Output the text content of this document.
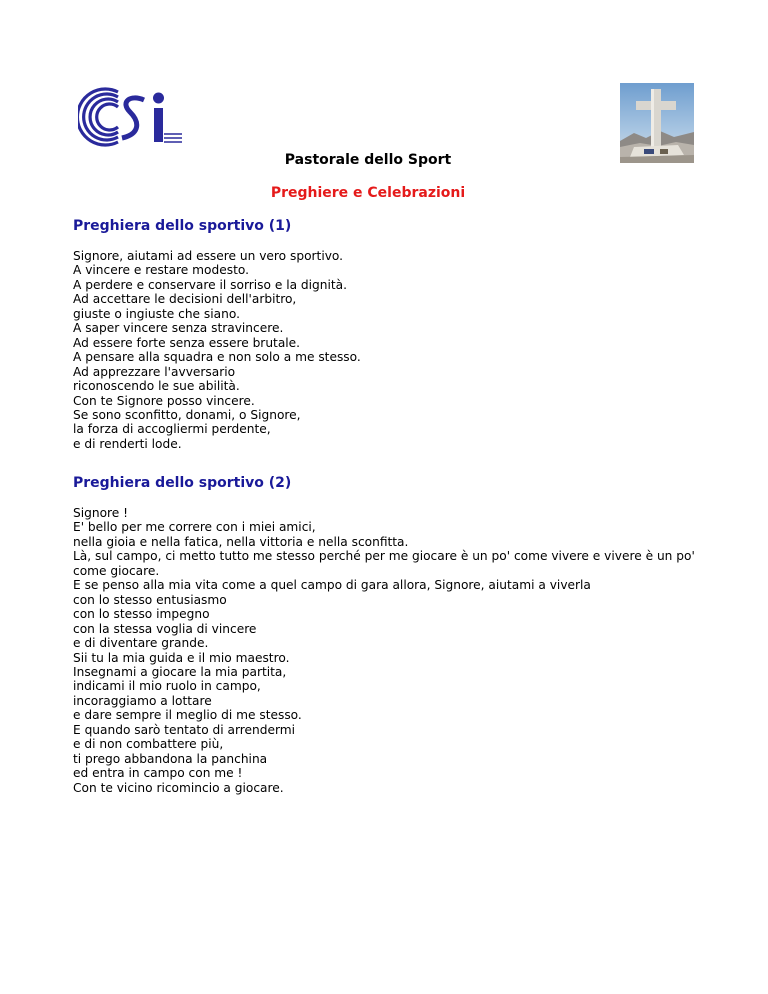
Pastorale dello Sport
Preghiere e Celebrazioni
Preghiera dello sportivo (1)
Signore, aiutami ad essere un vero sportivo.
A vincere e restare modesto.
A perdere e conservare il sorriso e la dignità.
Ad accettare le decisioni dell'arbitro,
giuste o ingiuste che siano.
A saper vincere senza stravincere.
Ad essere forte senza essere brutale.
A pensare alla squadra e non solo a me stesso.
Ad apprezzare l'avversario
riconoscendo le sue abilità.
Con te Signore posso vincere.
Se sono sconfitto, donami, o Signore,
la forza di accogliermi perdente,
e di renderti lode.
Preghiera dello sportivo (2)
Signore !
E' bello per me correre con i miei amici,
nella gioia e nella fatica, nella vittoria e nella sconfitta.
Là, sul campo, ci metto tutto me stesso perché per me giocare è un po' come vivere e vivere è un po' come giocare.
E se penso alla mia vita come a quel campo di gara allora, Signore, aiutami a viverla
con lo stesso entusiasmo
con lo stesso impegno
con la stessa voglia di vincere
e di diventare grande.
Sii tu la mia guida e il mio maestro.
Insegnami a giocare la mia partita,
indicami il mio ruolo in campo,
incoraggiamo a lottare
e dare sempre il meglio di me stesso.
E quando sarò tentato di arrendermi
e di non combattere più,
ti prego abbandona la panchina
ed entra in campo con me !
Con te vicino ricomincio a giocare.
